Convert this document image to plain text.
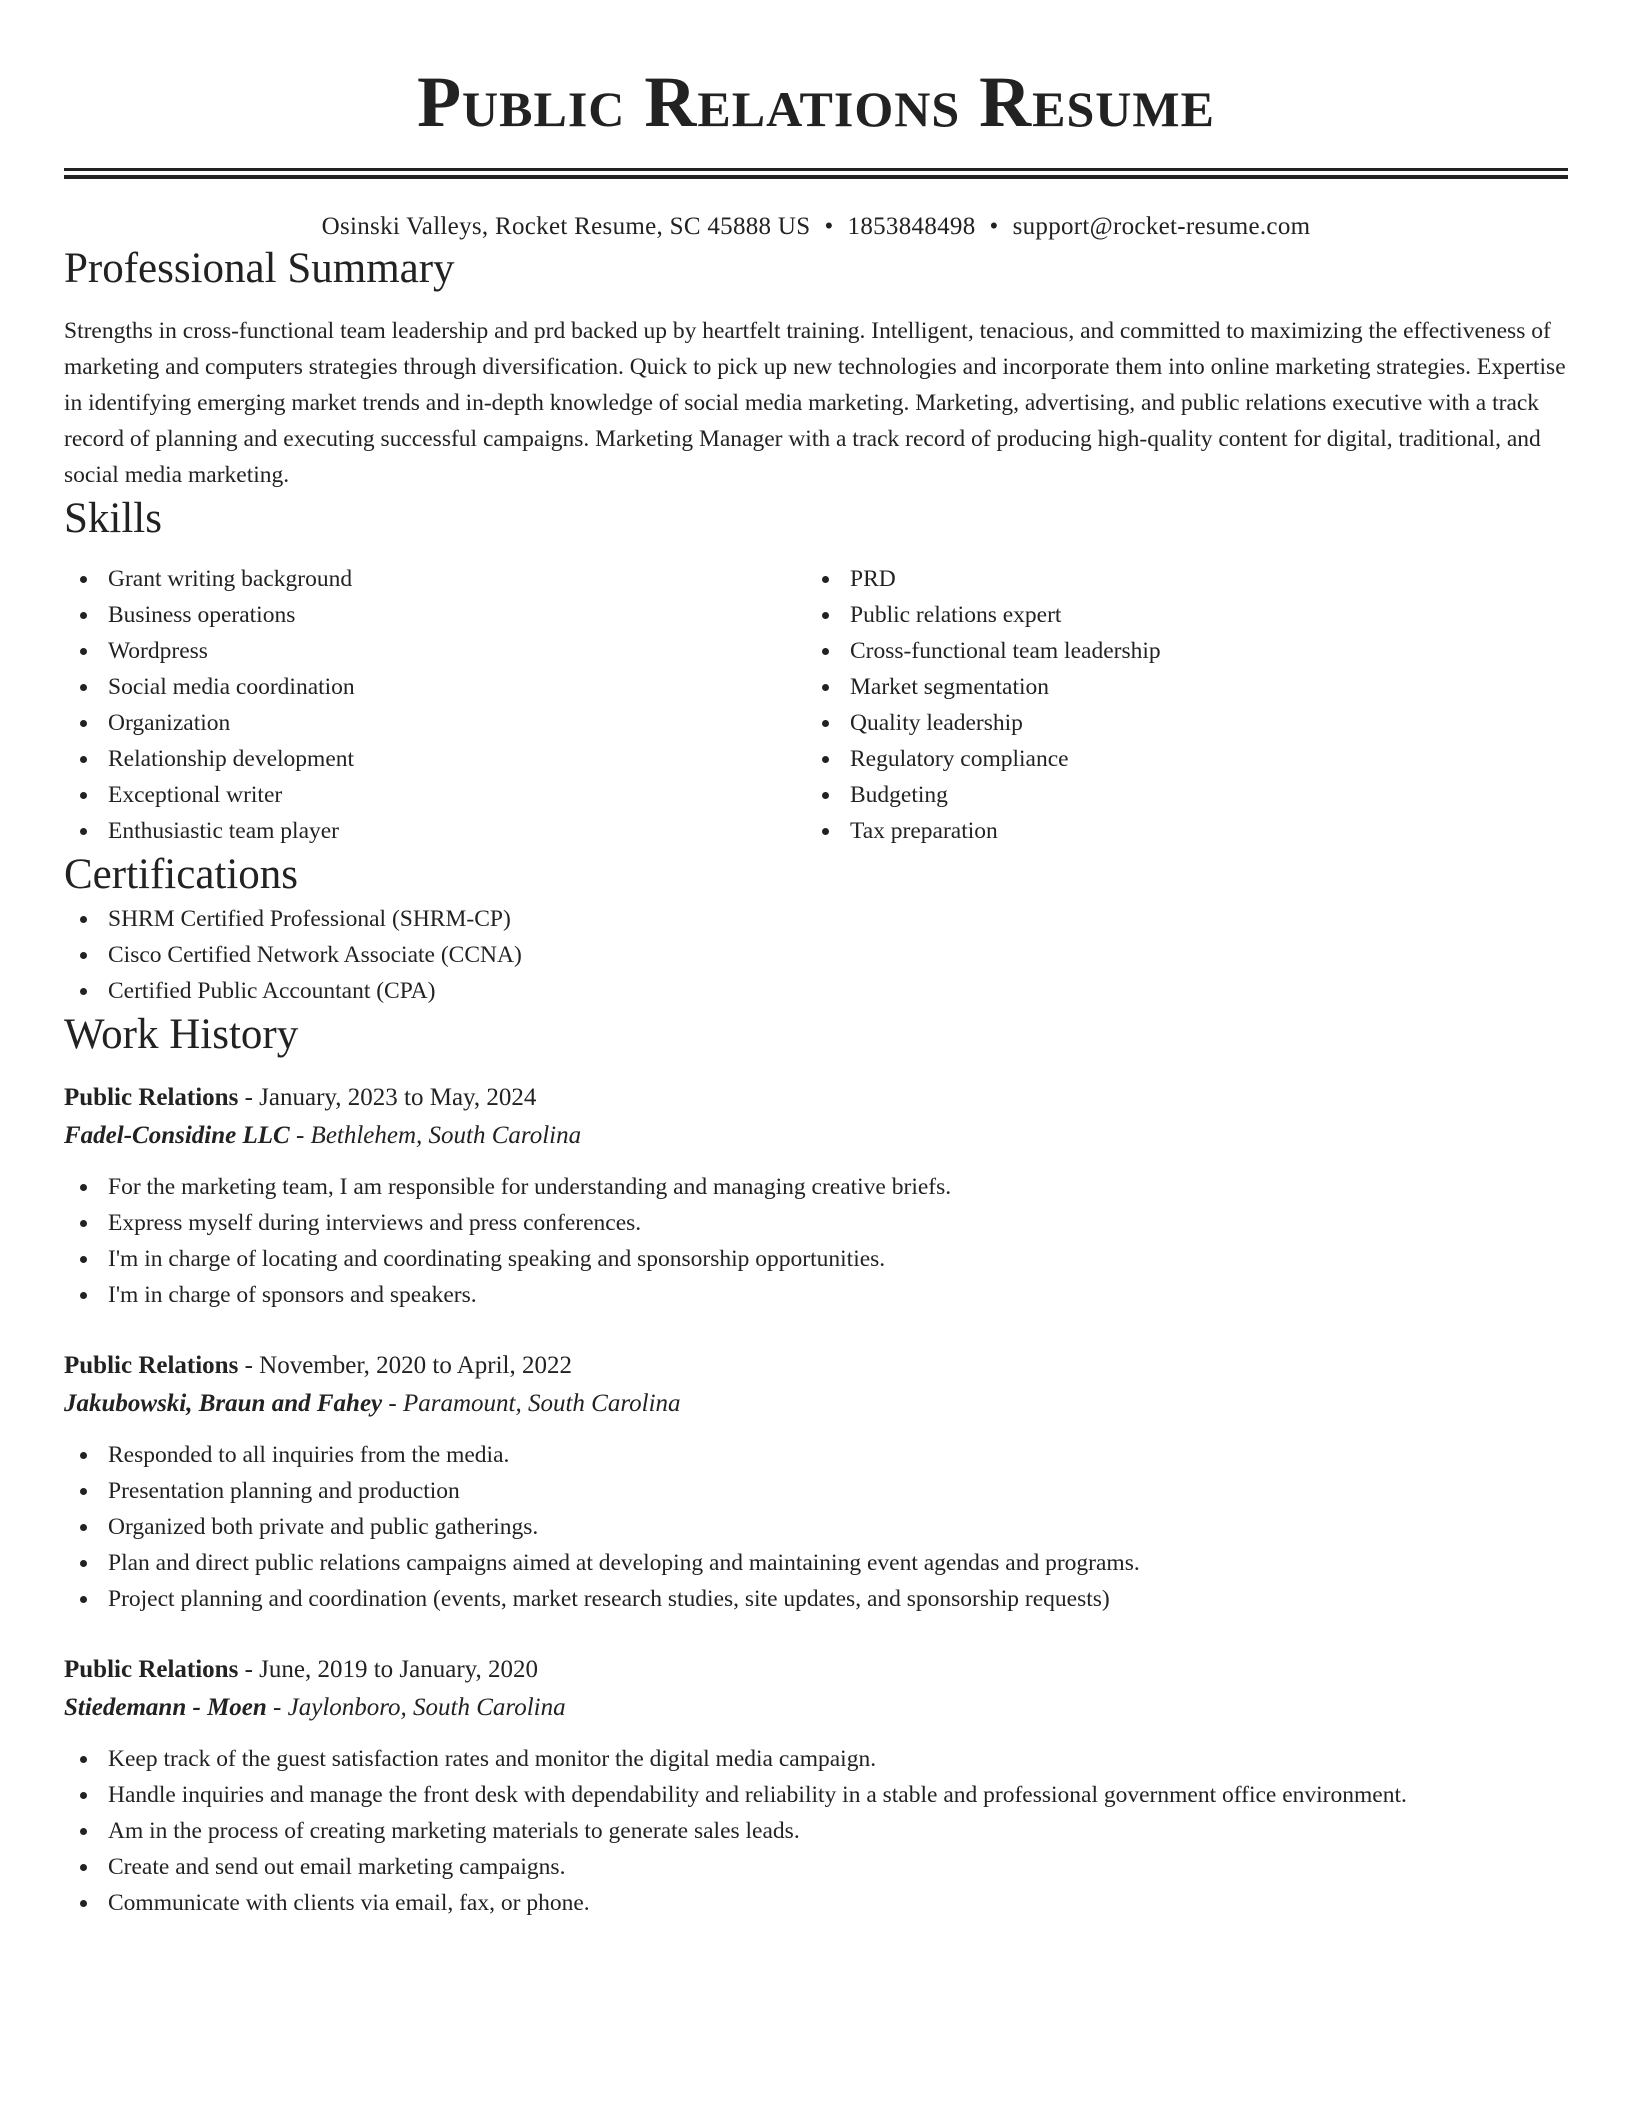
Public Relations Resume
Osinski Valleys, Rocket Resume, SC 45888 US • 1853848498 • support@rocket-resume.com
Professional Summary

Strengths in cross-functional team leadership and prd backed up by heartfelt training. Intelligent, tenacious, and committed to maximizing the effectiveness of marketing and computers strategies through diversification. Quick to pick up new technologies and incorporate them into online marketing strategies. Expertise in identifying emerging market trends and in-depth knowledge of social media marketing. Marketing, advertising, and public relations executive with a track record of planning and executing successful campaigns. Marketing Manager with a track record of producing high-quality content for digital, traditional, and social media marketing.

Skills
Grant writing background
Business operations
Wordpress
Social media coordination
Organization
Relationship development
Exceptional writer
Enthusiastic team player
PRD
Public relations expert
Cross-functional team leadership
Market segmentation
Quality leadership
Regulatory compliance
Budgeting
Tax preparation
Certifications
SHRM Certified Professional (SHRM-CP)
Cisco Certified Network Associate (CCNA)
Certified Public Accountant (CPA)
Work History
Public Relations - January, 2023 to May, 2024
Fadel-Considine LLC - Bethlehem, South Carolina
For the marketing team, I am responsible for understanding and managing creative briefs.
Express myself during interviews and press conferences.
I'm in charge of locating and coordinating speaking and sponsorship opportunities.
I'm in charge of sponsors and speakers.
Public Relations - November, 2020 to April, 2022
Jakubowski, Braun and Fahey - Paramount, South Carolina
Responded to all inquiries from the media.
Presentation planning and production
Organized both private and public gatherings.
Plan and direct public relations campaigns aimed at developing and maintaining event agendas and programs.
Project planning and coordination (events, market research studies, site updates, and sponsorship requests)
Public Relations - June, 2019 to January, 2020
Stiedemann - Moen - Jaylonboro, South Carolina
Keep track of the guest satisfaction rates and monitor the digital media campaign.
Handle inquiries and manage the front desk with dependability and reliability in a stable and professional government office environment.
Am in the process of creating marketing materials to generate sales leads.
Create and send out email marketing campaigns.
Communicate with clients via email, fax, or phone.
